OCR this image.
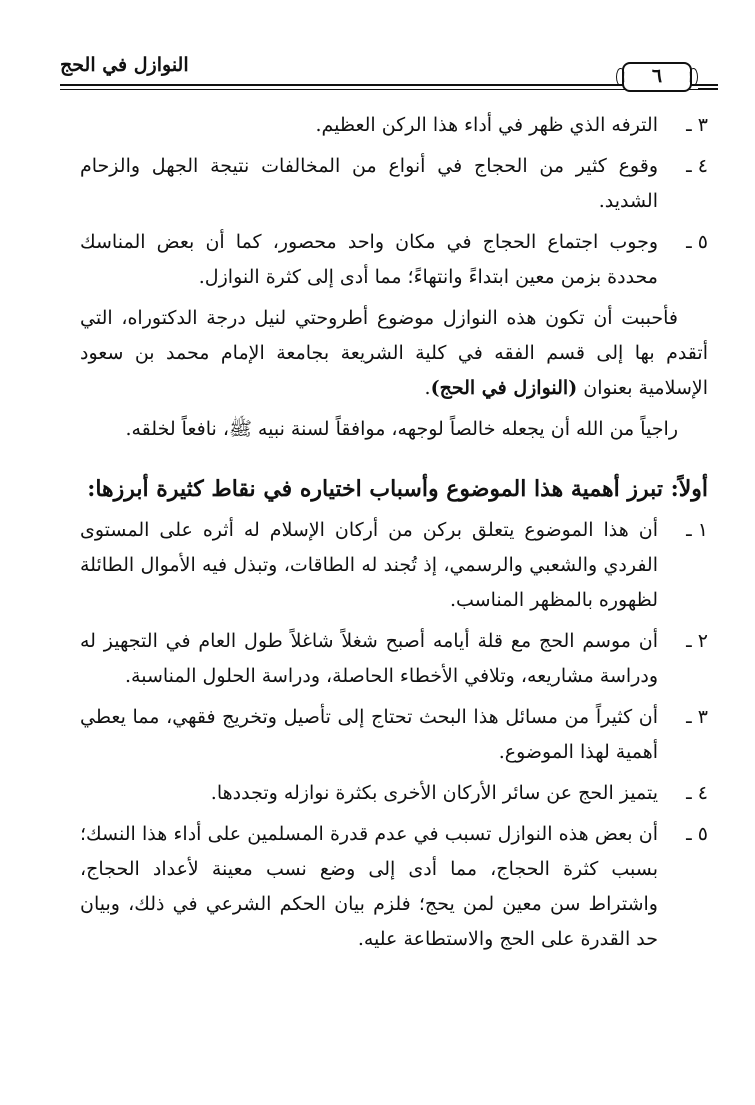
النوازل في الحج	٦
٣ ـ
الترفه الذي ظهر في أداء هذا الركن العظيم.
٤ ـ
وقوع كثير من الحجاج في أنواع من المخالفات نتيجة الجهل والزحام الشديد.
٥ ـ
وجوب اجتماع الحجاج في مكان واحد محصور، كما أن بعض المناسك محددة بزمن معين ابتداءً وانتهاءً؛ مما أدى إلى كثرة النوازل.
فأحببت أن تكون هذه النوازل موضوع أطروحتي لنيل درجة الدكتوراه، التي أتقدم بها إلى قسم الفقه في كلية الشريعة بجامعة الإمام محمد بن سعود الإسلامية بعنوان (النوازل في الحج).
راجياً من الله أن يجعله خالصاً لوجهه، موافقاً لسنة نبيه ﷺ، نافعاً لخلقه.
أولاً: تبرز أهمية هذا الموضوع وأسباب اختياره في نقاط كثيرة أبرزها:
١ ـ
أن هذا الموضوع يتعلق بركن من أركان الإسلام له أثره على المستوى الفردي والشعبي والرسمي، إذ تُجند له الطاقات، وتبذل فيه الأموال الطائلة لظهوره بالمظهر المناسب.
٢ ـ
أن موسم الحج مع قلة أيامه أصبح شغلاً شاغلاً طول العام في التجهيز له ودراسة مشاريعه، وتلافي الأخطاء الحاصلة، ودراسة الحلول المناسبة.
٣ ـ
أن كثيراً من مسائل هذا البحث تحتاج إلى تأصيل وتخريج فقهي، مما يعطي أهمية لهذا الموضوع.
٤ ـ
يتميز الحج عن سائر الأركان الأخرى بكثرة نوازله وتجددها.
٥ ـ
أن بعض هذه النوازل تسبب في عدم قدرة المسلمين على أداء هذا النسك؛ بسبب كثرة الحجاج، مما أدى إلى وضع نسب معينة لأعداد الحجاج، واشتراط سن معين لمن يحج؛ فلزم بيان الحكم الشرعي في ذلك، وبيان حد القدرة على الحج والاستطاعة عليه.
